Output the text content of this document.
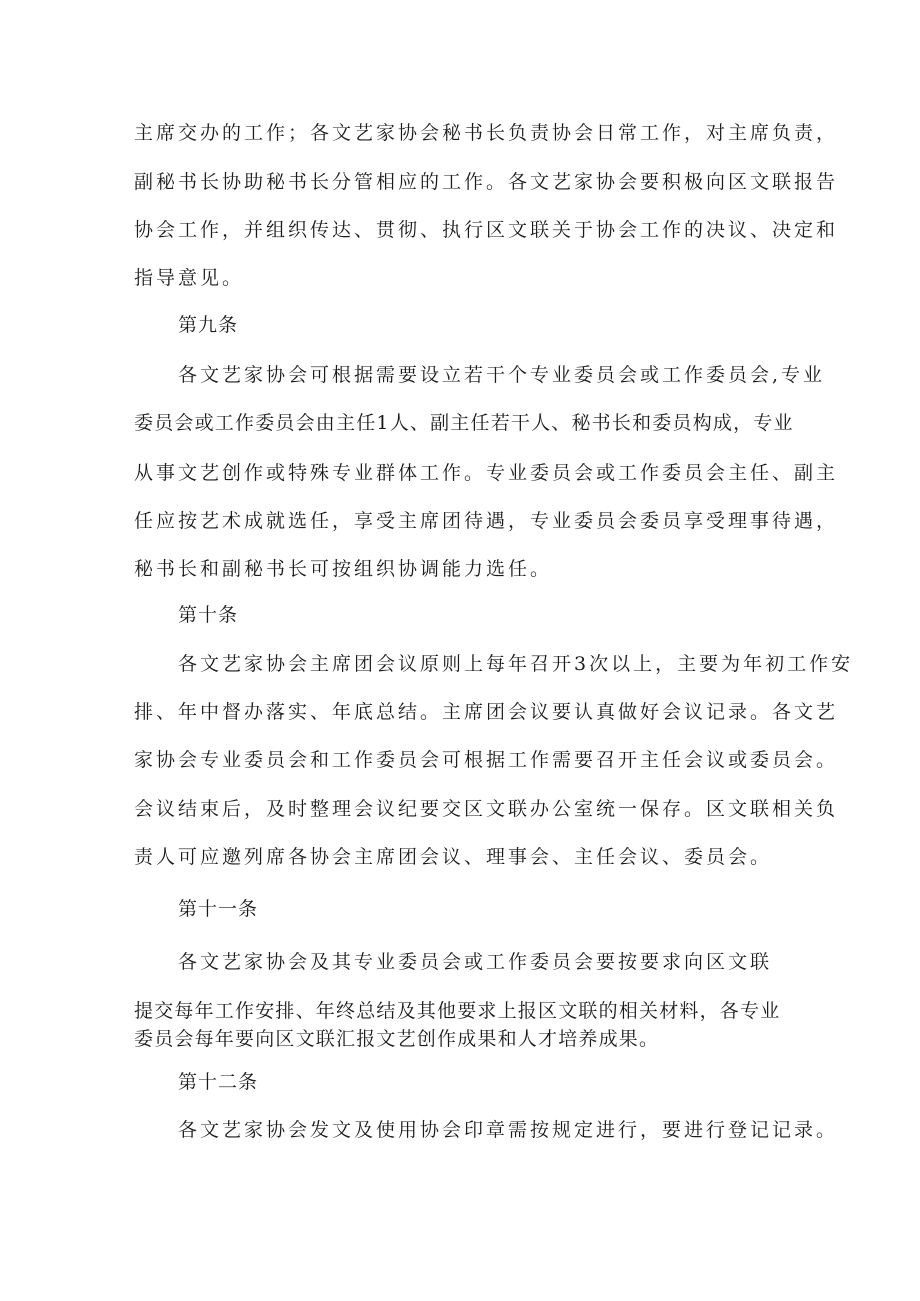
主席交办的工作；各文艺家协会秘书长负责协会日常工作，对主席负责，
副秘书长协助秘书长分管相应的工作。各文艺家协会要积极向区文联报告
协会工作，并组织传达、贯彻、执行区文联关于协会工作的决议、决定和
指导意见。
第九条
各文艺家协会可根据需要设立若干个专业委员会或工作委员会,专业
委员会或工作委员会由主任1人、副主任若干人、秘书长和委员构成，专业
从事文艺创作或特殊专业群体工作。专业委员会或工作委员会主任、副主
任应按艺术成就选任，享受主席团待遇，专业委员会委员享受理事待遇，
秘书长和副秘书长可按组织协调能力选任。
第十条
各文艺家协会主席团会议原则上每年召开3次以上，主要为年初工作安
排、年中督办落实、年底总结。主席团会议要认真做好会议记录。各文艺
家协会专业委员会和工作委员会可根据工作需要召开主任会议或委员会。
会议结束后，及时整理会议纪要交区文联办公室统一保存。区文联相关负
责人可应邀列席各协会主席团会议、理事会、主任会议、委员会。
第十一条
各文艺家协会及其专业委员会或工作委员会要按要求向区文联
提交每年工作安排、年终总结及其他要求上报区文联的相关材料，各专业
委员会每年要向区文联汇报文艺创作成果和人才培养成果。
第十二条
各文艺家协会发文及使用协会印章需按规定进行，要进行登记记录。
